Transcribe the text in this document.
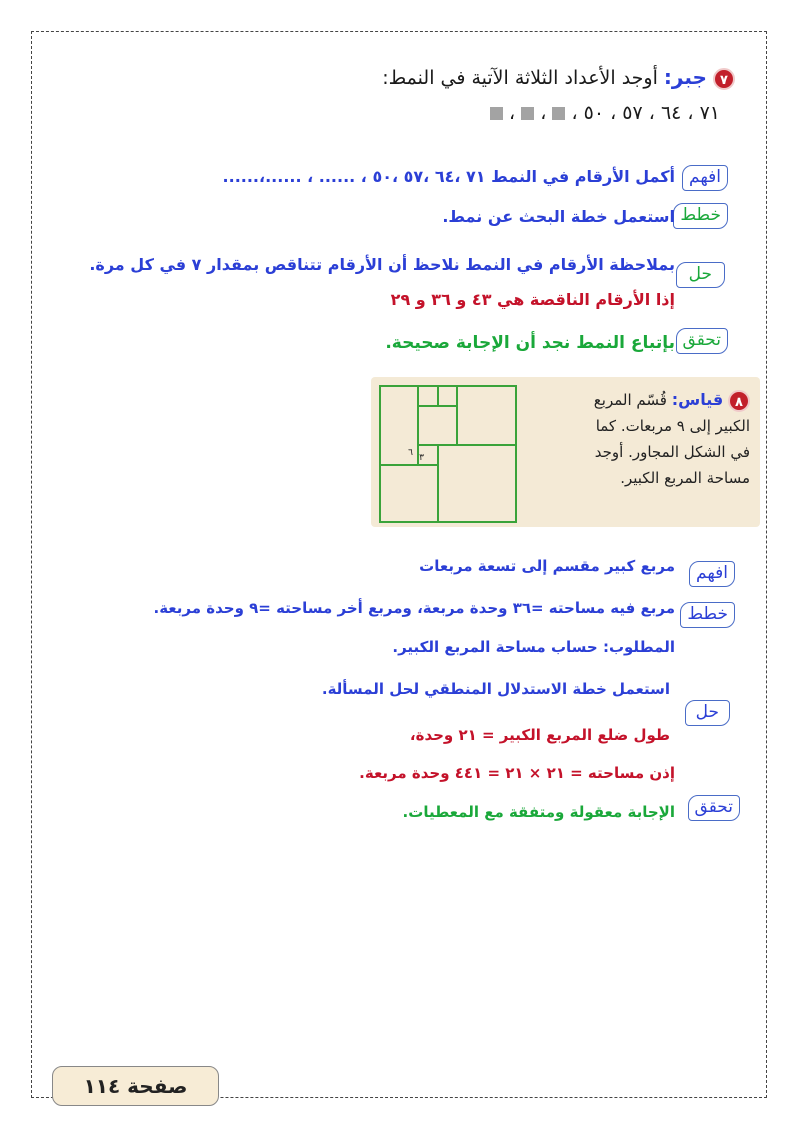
٧ جبر: أوجد الأعداد الثلاثة الآتية في النمط:
٧١ ، ٦٤ ، ٥٧ ، ٥٠ ،  ،  ،
افهم
أكمل الأرقام في النمط ٧١ ،٦٤ ،٥٧ ،٥٠ ، ...... ، ......،......
خطط
استعمل خطة البحث عن نمط.
حل
بملاحظة الأرقام في النمط نلاحظ أن الأرقام تتناقص بمقدار ٧ في كل مرة.
إذا الأرقام الناقصة هي ٤٣ و ٣٦ و ٢٩
تحقق
بإتباع النمط نجد أن الإجابة صحيحة.
٦ ٣
٨ قياس: قُسّم المربع
الكبير إلى ٩ مربعات. كما
في الشكل المجاور. أوجد
مساحة المربع الكبير.
افهم
مربع كبير مقسم إلى تسعة مربعات
خطط
مربع فيه مساحته =٣٦ وحدة مربعة، ومربع أخر مساحته =٩ وحدة مربعة.
المطلوب: حساب مساحة المربع الكبير.
حل
استعمل خطة الاستدلال المنطقي لحل المسألة.
طول ضلع المربع الكبير = ٢١ وحدة،
إذن مساحته = ٢١ × ٢١ = ٤٤١ وحدة مربعة.
تحقق
الإجابة معقولة ومتفقة مع المعطيات.
صفحة ١١٤
